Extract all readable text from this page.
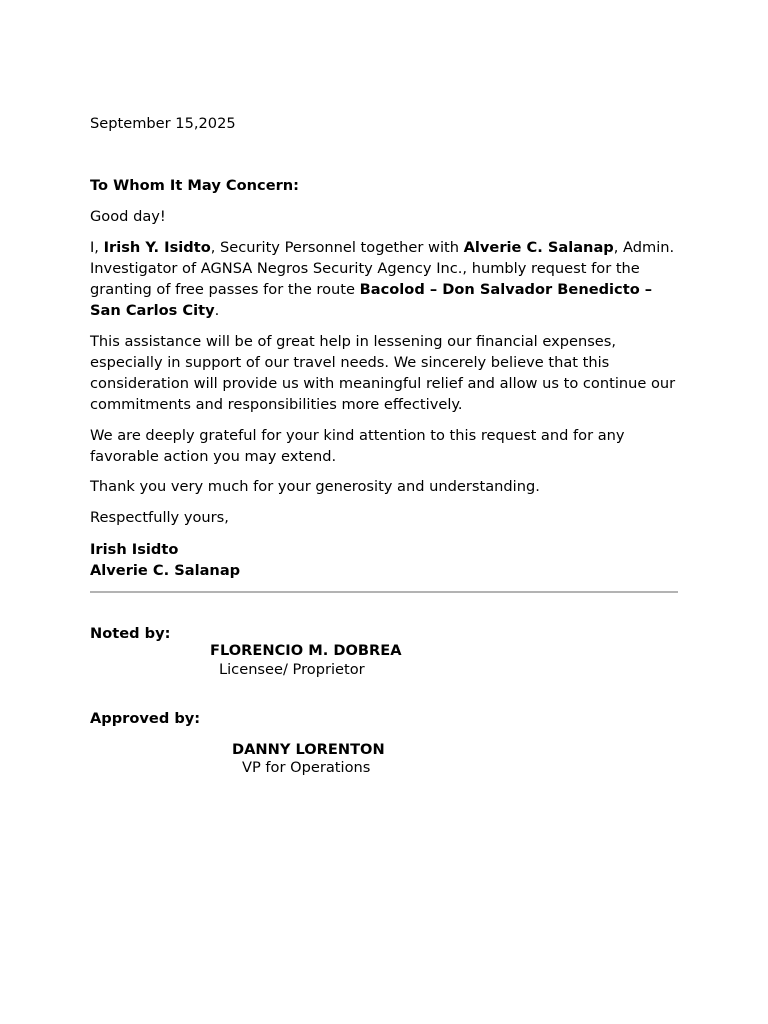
September 15,2025

To Whom It May Concern:

Good day!

I, Irish Y. Isidto, Security Personnel together with Alverie C. Salanap, Admin. Investigator of AGNSA Negros Security Agency Inc., humbly request for the granting of free passes for the route Bacolod – Don Salvador Benedicto – San Carlos City.

This assistance will be of great help in lessening our financial expenses, especially in support of our travel needs. We sincerely believe that this consideration will provide us with meaningful relief and allow us to continue our commitments and responsibilities more effectively.

We are deeply grateful for your kind attention to this request and for any favorable action you may extend.

Thank you very much for your generosity and understanding.

Respectfully yours,

Irish Isidto
Alverie C. Salanap

Noted by:

FLORENCIO M. DOBREA
Licensee/ Proprietor

Approved by:

DANNY LORENTON
VP for Operations
